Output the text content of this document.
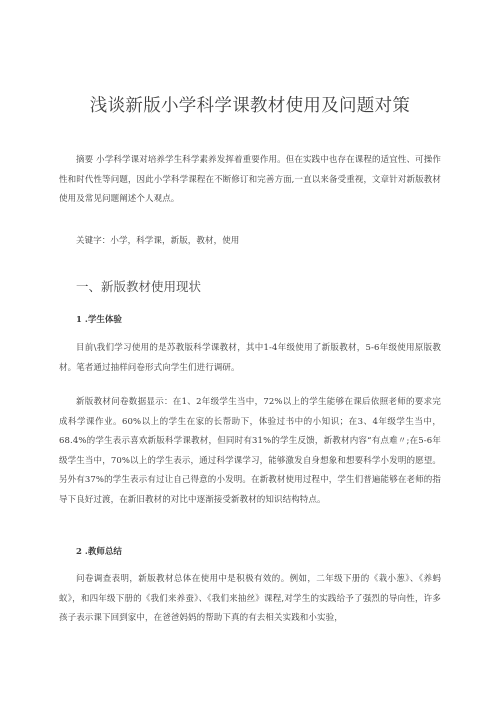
浅谈新版小学科学课教材使用及问题对策

摘要 小学科学课对培养学生科学素养发挥着重要作用。但在实践中也存在课程的适宜性、可操作性和时代性等问题，因此小学科学课程在不断修订和完善方面,一直以来备受重视，文章针对新版教材使用及常见问题阐述个人观点。

关键字：小学，科学课，新版，教材，使用

一、新版教材使用现状
1 .学生体验

目前\我们学习使用的是苏教版科学课教材，其中1-4年级使用了新版教材，5-6年级使用原版教材。笔者通过抽样问卷形式向学生们进行调研。

新版教材问卷数据显示：在1、2年级学生当中，72%以上的学生能够在课后依照老师的要求完成科学课作业。60%以上的学生在家的长帮助下，体验过书中的小知识；在3、4年级学生当中，68.4%的学生表示喜欢新版科学课教材，但同时有31%的学生反馈，新教材内容“有点难〃;在5-6年级学生当中，70%以上的学生表示，通过科学课学习，能够激发自身想象和想要科学小发明的愿望。另外有37%的学生表示有过让自己得意的小发明。在新教材使用过程中，学生们普遍能够在老师的指导下良好过渡，在新旧教材的对比中逐渐接受新教材的知识结构特点。

2 .教师总结

问卷调查表明，新版教材总体在使用中是积极有效的。例如，二年级下册的《栽小葱》、《养蚂蚁》，和四年级下册的《我们来养蚕》、《我们来抽丝》课程,对学生的实践给予了强烈的导向性，许多孩子表示课下回到家中，在爸爸妈妈的帮助下真的有去相关实践和小实验，
